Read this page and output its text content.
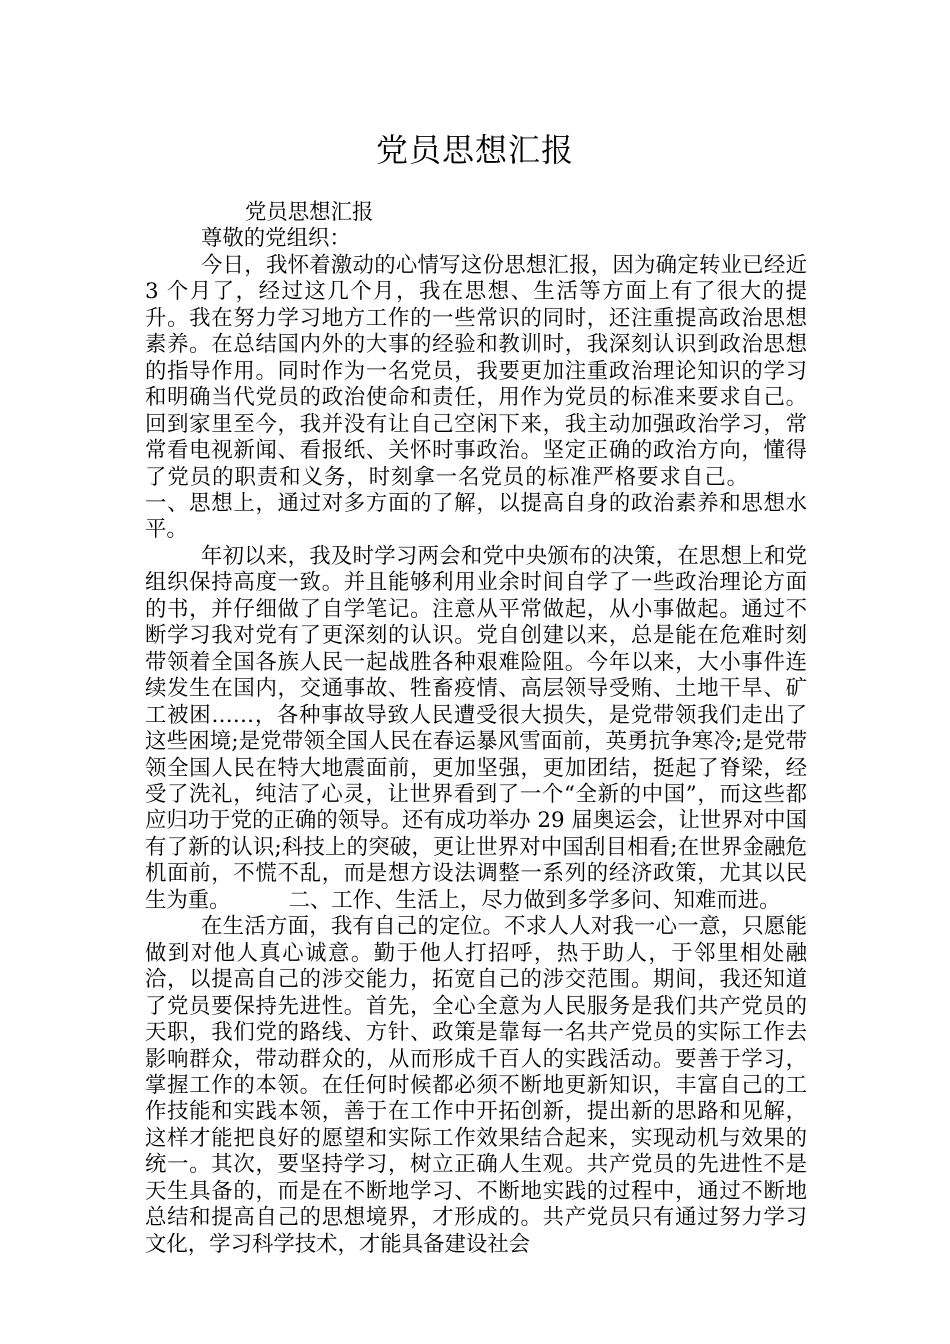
党员思想汇报

党员思想汇报

尊敬的党组织：

今日，我怀着激动的心情写这份思想汇报，因为确定转业已经近 3 个月了，经过这几个月，我在思想、生活等方面上有了很大的提升。我在努力学习地方工作的一些常识的同时，还注重提高政治思想素养。在总结国内外的大事的经验和教训时，我深刻认识到政治思想的指导作用。同时作为一名党员，我要更加注重政治理论知识的学习和明确当代党员的政治使命和责任，用作为党员的标准来要求自己。回到家里至今，我并没有让自己空闲下来，我主动加强政治学习，常常看电视新闻、看报纸、关怀时事政治。坚定正确的政治方向，懂得了党员的职责和义务，时刻拿一名党员的标准严格要求自己。一、思想上，通过对多方面的了解，以提高自身的政治素养和思想水平。

年初以来，我及时学习两会和党中央颁布的决策，在思想上和党组织保持高度一致。并且能够利用业余时间自学了一些政治理论方面的书，并仔细做了自学笔记。注意从平常做起，从小事做起。通过不断学习我对党有了更深刻的认识。党自创建以来，总是能在危难时刻带领着全国各族人民一起战胜各种艰难险阻。今年以来，大小事件连续发生在国内，交通事故、牲畜疫情、高层领导受贿、土地干旱、矿工被困……，各种事故导致人民遭受很大损失，是党带领我们走出了这些困境;是党带领全国人民在春运暴风雪面前，英勇抗争寒冷;是党带领全国人民在特大地震面前，更加坚强，更加团结，挺起了脊梁，经受了洗礼，纯洁了心灵，让世界看到了一个“全新的中国”，而这些都应归功于党的正确的领导。还有成功举办 29 届奥运会，让世界对中国有了新的认识;科技上的突破，更让世界对中国刮目相看;在世界金融危机面前，不慌不乱，而是想方设法调整一系列的经济政策，尤其以民生为重。	二、工作、生活上，尽力做到多学多问、知难而进。

在生活方面，我有自己的定位。不求人人对我一心一意，只愿能做到对他人真心诚意。勤于他人打招呼，热于助人，于邻里相处融洽，以提高自己的涉交能力，拓宽自己的涉交范围。期间，我还知道了党员要保持先进性。首先，全心全意为人民服务是我们共产党员的天职，我们党的路线、方针、政策是靠每一名共产党员的实际工作去影响群众，带动群众的，从而形成千百人的实践活动。要善于学习，掌握工作的本领。在任何时候都必须不断地更新知识，丰富自己的工作技能和实践本领，善于在工作中开拓创新，提出新的思路和见解，这样才能把良好的愿望和实际工作效果结合起来，实现动机与效果的统一。其次，要坚持学习，树立正确人生观。共产党员的先进性不是天生具备的，而是在不断地学习、不断地实践的过程中，通过不断地总结和提高自己的思想境界，才形成的。共产党员只有通过努力学习文化，学习科学技术，才能具备建设社会
